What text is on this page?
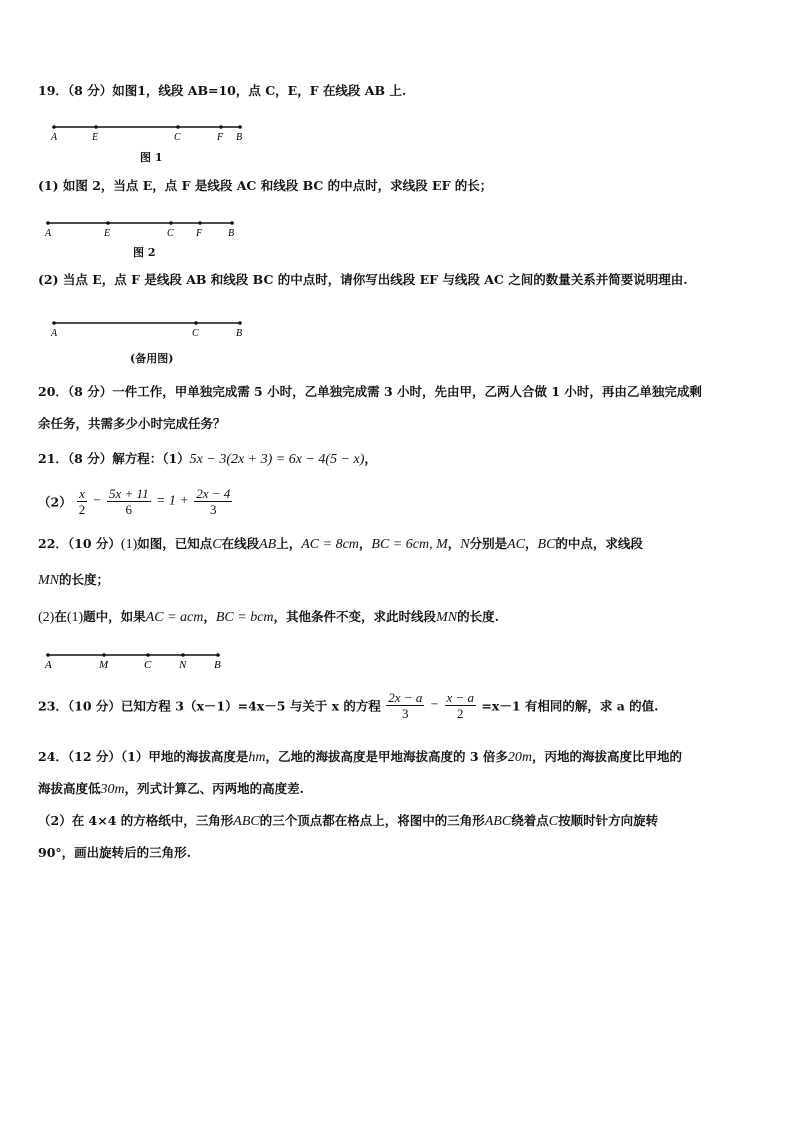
19．（8 分）如图1，线段 AB=10，点 C，E，F 在线段 AB 上.
A	E	C	F B
图 1
(1) 如图 2，当点 E，点 F 是线段 AC 和线段 BC 的中点时，求线段 EF 的长；
A	E	C F	B
图 2
(2) 当点 E，点 F 是线段 AB 和线段 BC 的中点时，请你写出线段 EF 与线段 AC 之间的数量关系并简要说明理由.
A	C	B
(备用图)
20．（8 分）一件工作，甲单独完成需 5 小时，乙单独完成需 3 小时，先由甲，乙两人合做 1 小时，再由乙单独完成剩
余任务，共需多少小时完成任务？
21．（8 分）解方程：（1）5x − 3(2x + 3) = 6x − 4(5 − x)，
$(2) \frac{x}{2} - \frac{5x + 11}{6} = 1 + \frac{2x - 4}{3}$
22．（10 分）(1)如图，已知点C在线段AB上，AC = 8cm，BC = 6cm, M，N分别是AC，BC的中点，求线段
MN的长度；
(2)在(1)题中，如果AC = acm，BC = bcm，其他条件不变，求此时线段MN的长度.
A	M	C	N	B
23．（10 分）已知方程 3（x－1）=4x－5 与关于 x 的方程 $\frac{2x - a}{3} - \frac{x - a}{2} =x-1$ 有相同的解，求 a 的值.
24．（12 分）（1）甲地的海拔高度是hm，乙地的海拔高度是甲地海拔高度的 3 倍多20m，丙地的海拔高度比甲地的
海拔高度低30m，列式计算乙、丙两地的高度差.
（2）在 4×4 的方格纸中，三角形ABC的三个顶点都在格点上，将图中的三角形ABC绕着点C按顺时针方向旋转
90°，画出旋转后的三角形.
